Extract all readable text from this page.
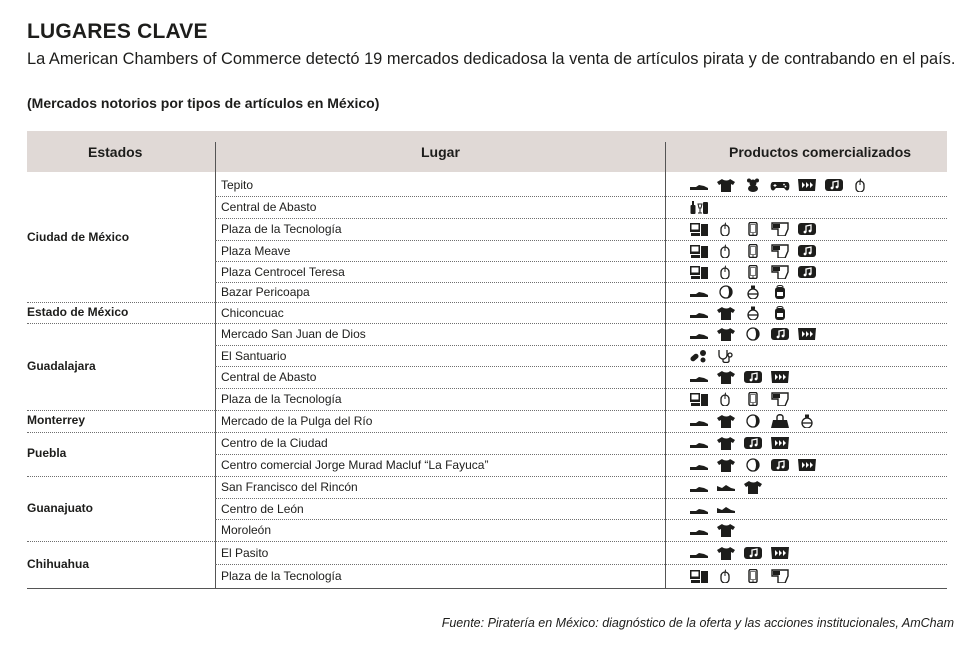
LUGARES CLAVE
La American Chambers of Commerce detectó 19 mercados dedicadosa la venta de artículos pirata y de contrabando en el país.
(Mercados notorios por tipos de artículos en México)
Estados	Lugar	Productos comercializados
Ciudad de México
Estado de México
Guadalajara
Monterrey
Puebla
Guanajuato
Chihuahua
Tepito
Central de Abasto
Plaza de la Tecnología
Plaza Meave
Plaza Centrocel Teresa
Bazar Pericoapa
Chiconcuac
Mercado San Juan de Dios
El Santuario
Central de Abasto
Plaza de la Tecnología
Mercado de la Pulga del Río
Centro de la Ciudad
Centro comercial Jorge Murad Macluf “La Fayuca”
San Francisco del Rincón
Centro de León
Moroleón
El Pasito
Plaza de la Tecnología
Fuente: Piratería en México: diagnóstico de la oferta y las acciones institucionales, AmCham
